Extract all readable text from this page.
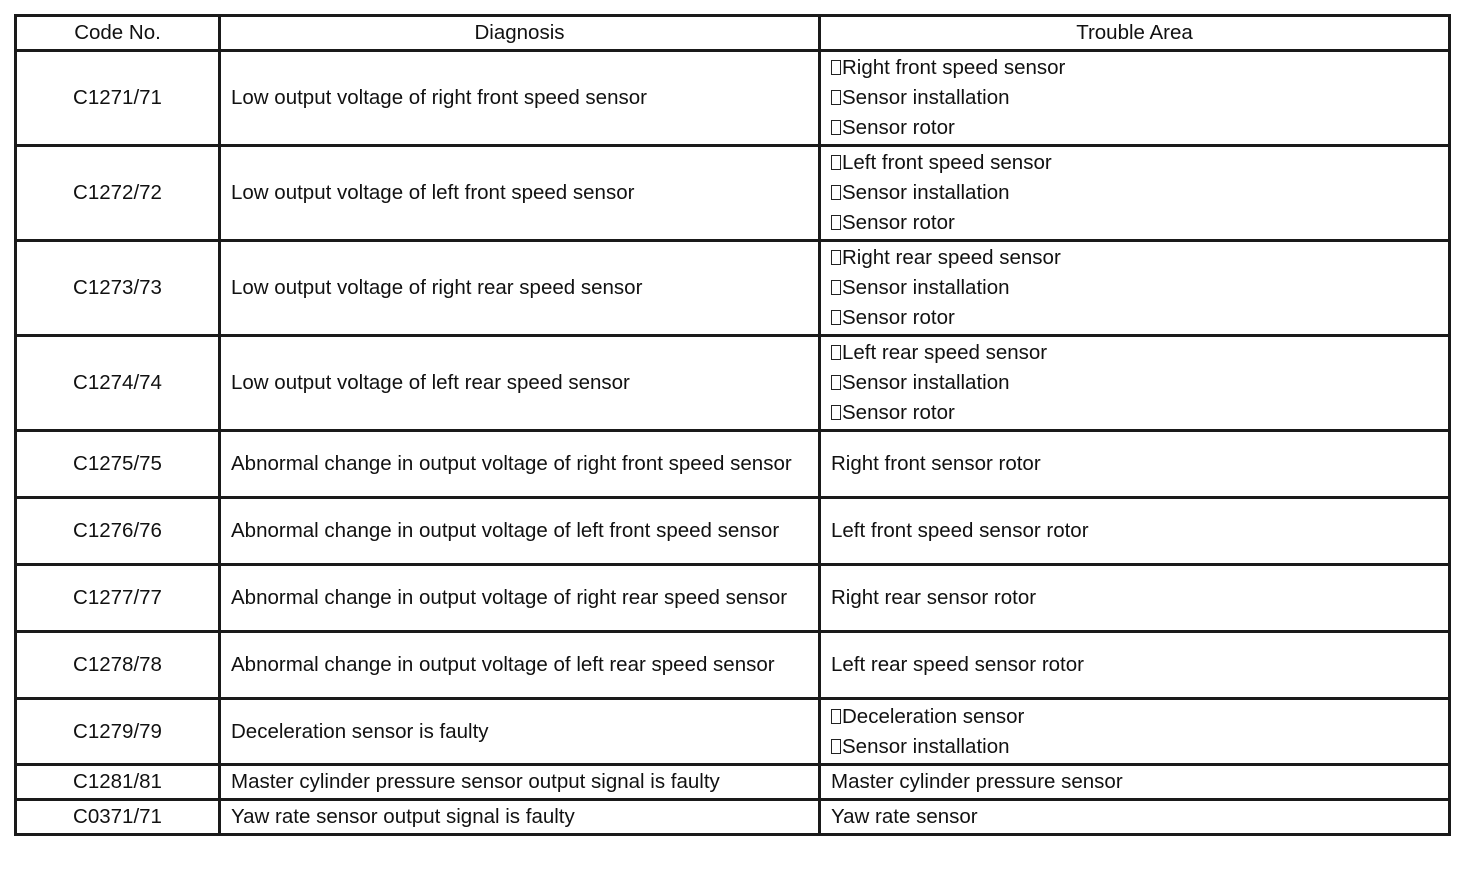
Code No.	Diagnosis	Trouble Area
C1271/71	Low output voltage of right front speed sensor	Right front speed sensor
Sensor installation
Sensor rotor

C1272/72	Low output voltage of left front speed sensor	Left front speed sensor
Sensor installation
Sensor rotor

C1273/73	Low output voltage of right rear speed sensor	Right rear speed sensor
Sensor installation
Sensor rotor

C1274/74	Low output voltage of left rear speed sensor	Left rear speed sensor
Sensor installation
Sensor rotor

C1275/75	Abnormal change in output voltage of right front speed sensor	Right front sensor rotor
C1276/76	Abnormal change in output voltage of left front speed sensor	Left front speed sensor rotor
C1277/77	Abnormal change in output voltage of right rear speed sensor	Right rear sensor rotor
C1278/78	Abnormal change in output voltage of left rear speed sensor	Left rear speed sensor rotor
C1279/79	Deceleration sensor is faulty	Deceleration sensor
Sensor installation

C1281/81	Master cylinder pressure sensor output signal is faulty	Master cylinder pressure sensor
C0371/71	Yaw rate sensor output signal is faulty	Yaw rate sensor
